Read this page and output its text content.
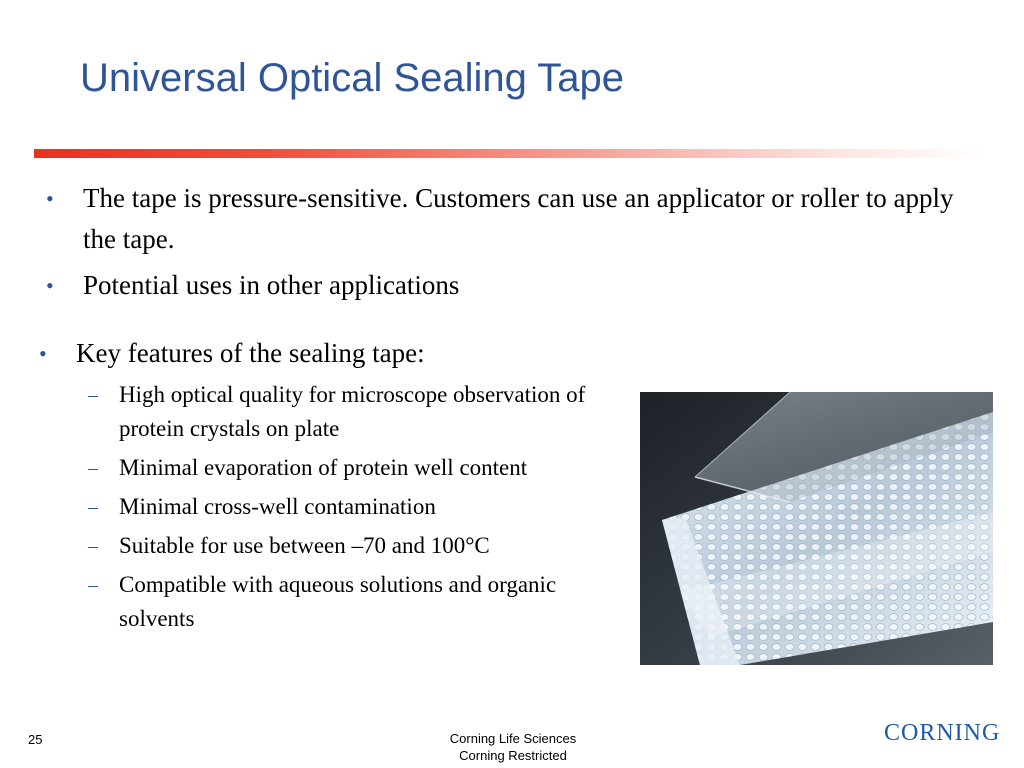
Universal Optical Sealing Tape
• The tape is pressure-sensitive. Customers can use an applicator or roller to apply the tape.
• Potential uses in other applications
• Key features of the sealing tape:
– High optical quality for microscope observation of protein crystals on plate
– Minimal evaporation of protein well content
– Minimal cross-well contamination
– Suitable for use between –70 and 100°C
– Compatible with aqueous solutions and organic solvents
25	Corning Life Sciences
Corning Restricted
CORNING
